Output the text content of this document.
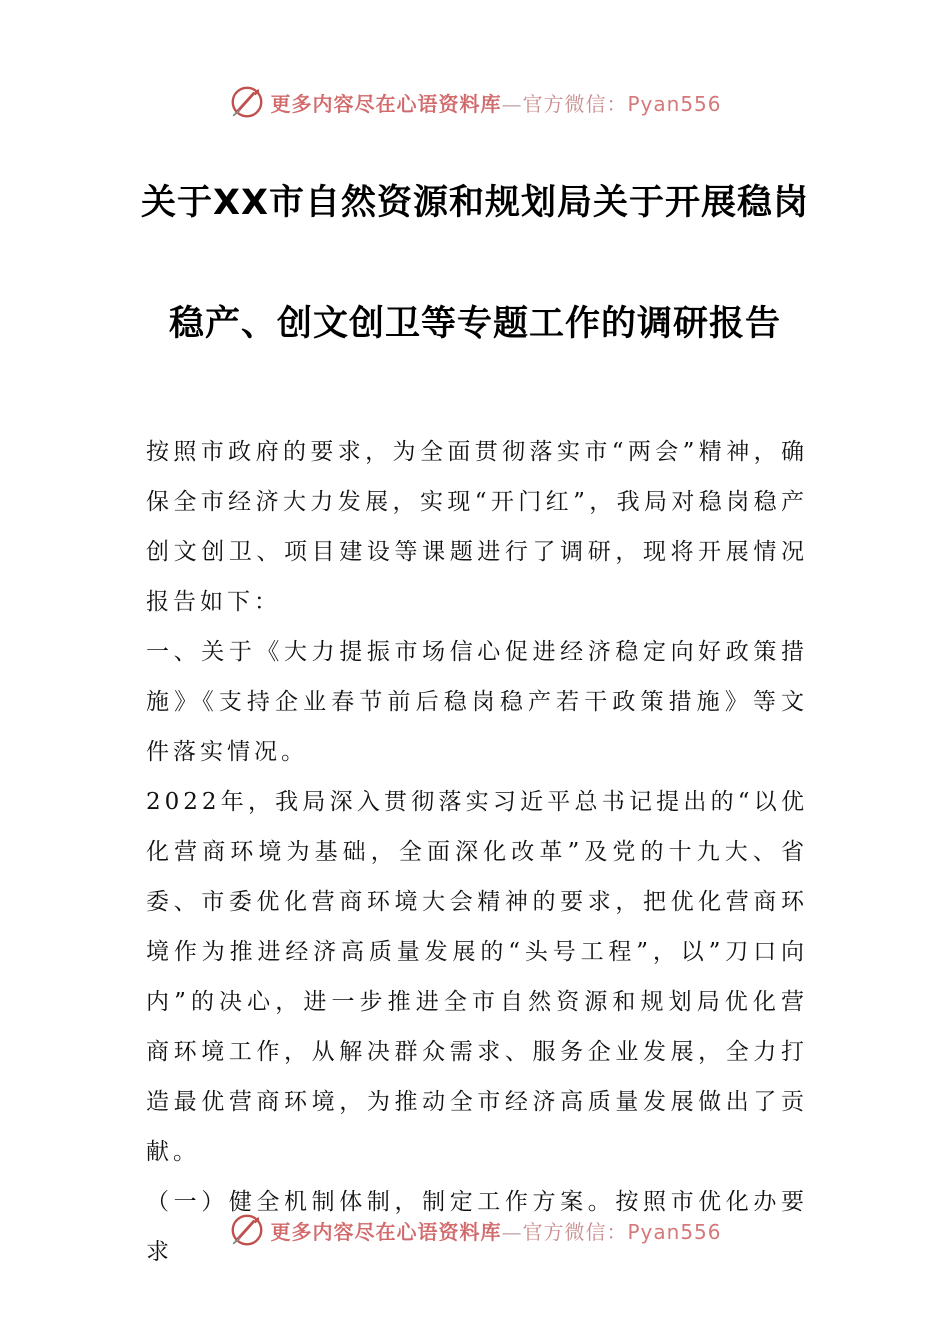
更多内容尽在心语资料库—官方微信：Pyan556
关于XX市自然资源和规划局关于开展稳岗
稳产、创文创卫等专题工作的调研报告

按照市政府的要求，为全面贯彻落实市“两会”精神，确保全市经济大力发展，实现“开门红”，我局对稳岗稳产创文创卫、项目建设等课题进行了调研，现将开展情况报告如下：

一、关于《大力提振市场信心促进经济稳定向好政策措施》《支持企业春节前后稳岗稳产若干政策措施》等文件落实情况。

2022年，我局深入贯彻落实习近平总书记提出的“以优化营商环境为基础，全面深化改革”及党的十九大、省委、市委优化营商环境大会精神的要求，把优化营商环境作为推进经济高质量发展的“头号工程”，以”刀口向内”的决心，进一步推进全市自然资源和规划局优化营商环境工作，从解决群众需求、服务企业发展，全力打造最优营商环境，为推动全市经济高质量发展做出了贡献。

（一）健全机制体制，制定工作方案。按照市优化办要求

更多内容尽在心语资料库—官方微信：Pyan556
